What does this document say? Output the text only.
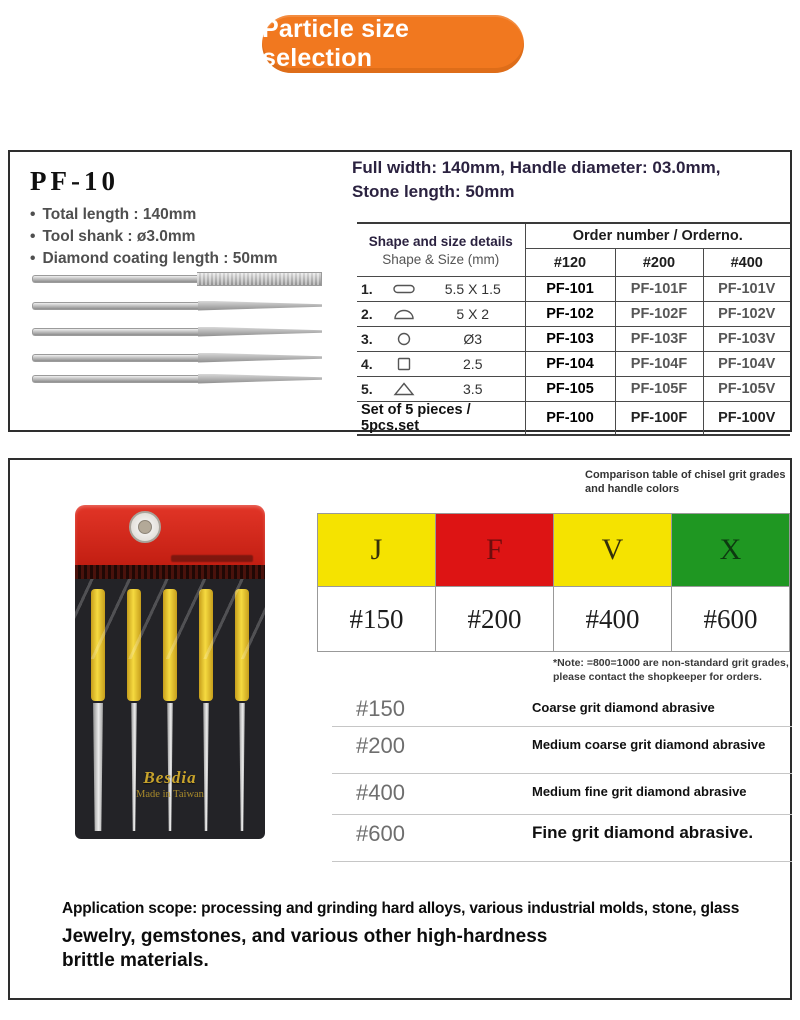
Particle size selection
PF-10
• Total length : 140mm
• Tool shank : ø3.0mm
• Diamond coating length : 50mm
Full width: 140mm, Handle diameter: 03.0mm,
Stone length: 50mm
Shape and size details
Shape & Size (mm)	Order number / Orderno.		
	#120	#200	#400

1. 5.5 X 1.5	PF-101	PF-101F	PF-101V

2. 5 X 2	PF-102	PF-102F	PF-102V

3. Ø3	PF-103	PF-103F	PF-103V

4. 2.5	PF-104	PF-104F	PF-104V

5. 3.5	PF-105	PF-105F	PF-105V
Set of 5 pieces / 5pcs.set	PF-100	PF-100F	PF-100V
Comparison table of chisel grit grades
and handle colors
Besdia
Made in Taiwan
J	F	V	X
#150	#200	#400	#600
*Note: =800=1000 are non-standard grit grades,
please contact the shopkeeper for orders.
#150	Coarse grit diamond abrasive
#200	Medium coarse grit diamond abrasive
#400	Medium fine grit diamond abrasive
#600	Fine grit diamond abrasive.
Application scope: processing and grinding hard alloys, various industrial molds, stone, glass
Jewelry, gemstones, and various other high-hardness
brittle materials.
